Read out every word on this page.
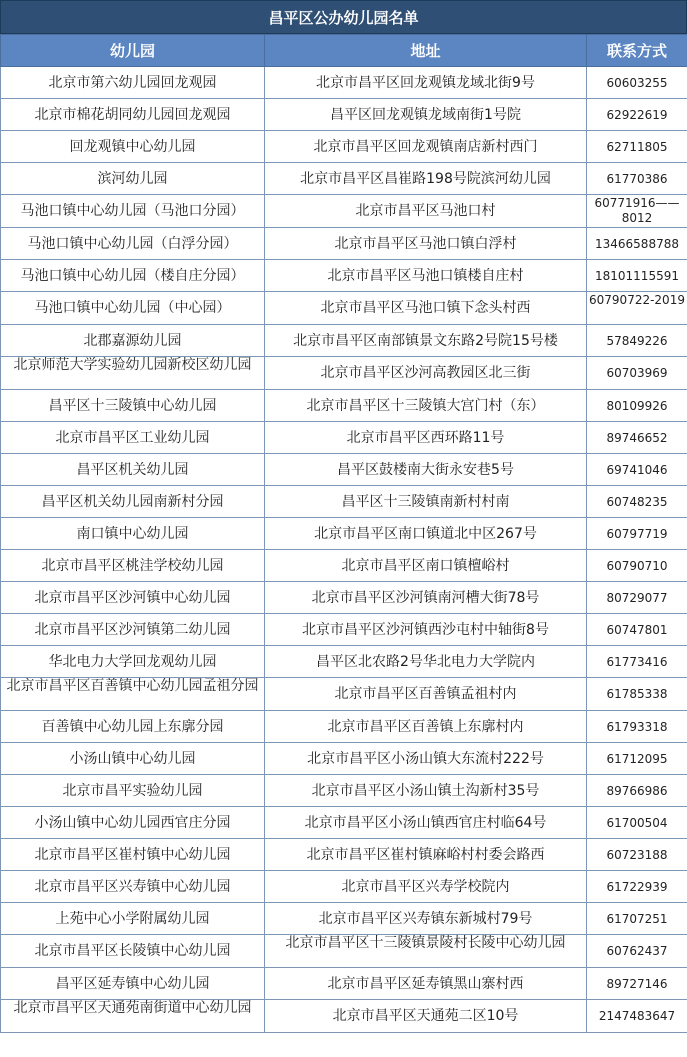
昌平区公办幼儿园名单
幼儿园	地址	联系方式
北京市第六幼儿园回龙观园	北京市昌平区回龙观镇龙域北街9号	60603255
北京市棉花胡同幼儿园回龙观园	昌平区回龙观镇龙域南街1号院	62922619
回龙观镇中心幼儿园	北京市昌平区回龙观镇南店新村西门	62711805
滨河幼儿园	北京市昌平区昌崔路198号院滨河幼儿园	61770386
马池口镇中心幼儿园（马池口分园）	北京市昌平区马池口村	60771916——8012
马池口镇中心幼儿园（白浮分园）	北京市昌平区马池口镇白浮村	13466588788
马池口镇中心幼儿园（楼自庄分园）	北京市昌平区马池口镇楼自庄村	18101115591
马池口镇中心幼儿园（中心园）	北京市昌平区马池口镇下念头村西	60790722-2019
北郡嘉源幼儿园	北京市昌平区南部镇景文东路2号院15号楼	57849226
北京师范大学实验幼儿园新校区幼儿园	北京市昌平区沙河高教园区北三街	60703969
昌平区十三陵镇中心幼儿园	北京市昌平区十三陵镇大宫门村（东）	80109926
北京市昌平区工业幼儿园	北京市昌平区西环路11号	89746652
昌平区机关幼儿园	昌平区鼓楼南大街永安巷5号	69741046
昌平区机关幼儿园南新村分园	昌平区十三陵镇南新村村南	60748235
南口镇中心幼儿园	北京市昌平区南口镇道北中区267号	60797719
北京市昌平区桃洼学校幼儿园	北京市昌平区南口镇檀峪村	60790710
北京市昌平区沙河镇中心幼儿园	北京市昌平区沙河镇南河槽大街78号	80729077
北京市昌平区沙河镇第二幼儿园	北京市昌平区沙河镇西沙屯村中轴街8号	60747801
华北电力大学回龙观幼儿园	昌平区北农路2号华北电力大学院内	61773416
北京市昌平区百善镇中心幼儿园孟祖分园	北京市昌平区百善镇孟祖村内	61785338
百善镇中心幼儿园上东廓分园	北京市昌平区百善镇上东廓村内	61793318
小汤山镇中心幼儿园	北京市昌平区小汤山镇大东流村222号	61712095
北京市昌平实验幼儿园	北京市昌平区小汤山镇土沟新村35号	89766986
小汤山镇中心幼儿园西官庄分园	北京市昌平区小汤山镇西官庄村临64号	61700504
北京市昌平区崔村镇中心幼儿园	北京市昌平区崔村镇麻峪村村委会路西	60723188
北京市昌平区兴寿镇中心幼儿园	北京市昌平区兴寿学校院内	61722939
上苑中心小学附属幼儿园	北京市昌平区兴寿镇东新城村79号	61707251
北京市昌平区长陵镇中心幼儿园	北京市昌平区十三陵镇景陵村长陵中心幼儿园	60762437
昌平区延寿镇中心幼儿园	北京市昌平区延寿镇黑山寨村西	89727146
北京市昌平区天通苑南街道中心幼儿园	北京市昌平区天通苑二区10号	2147483647
